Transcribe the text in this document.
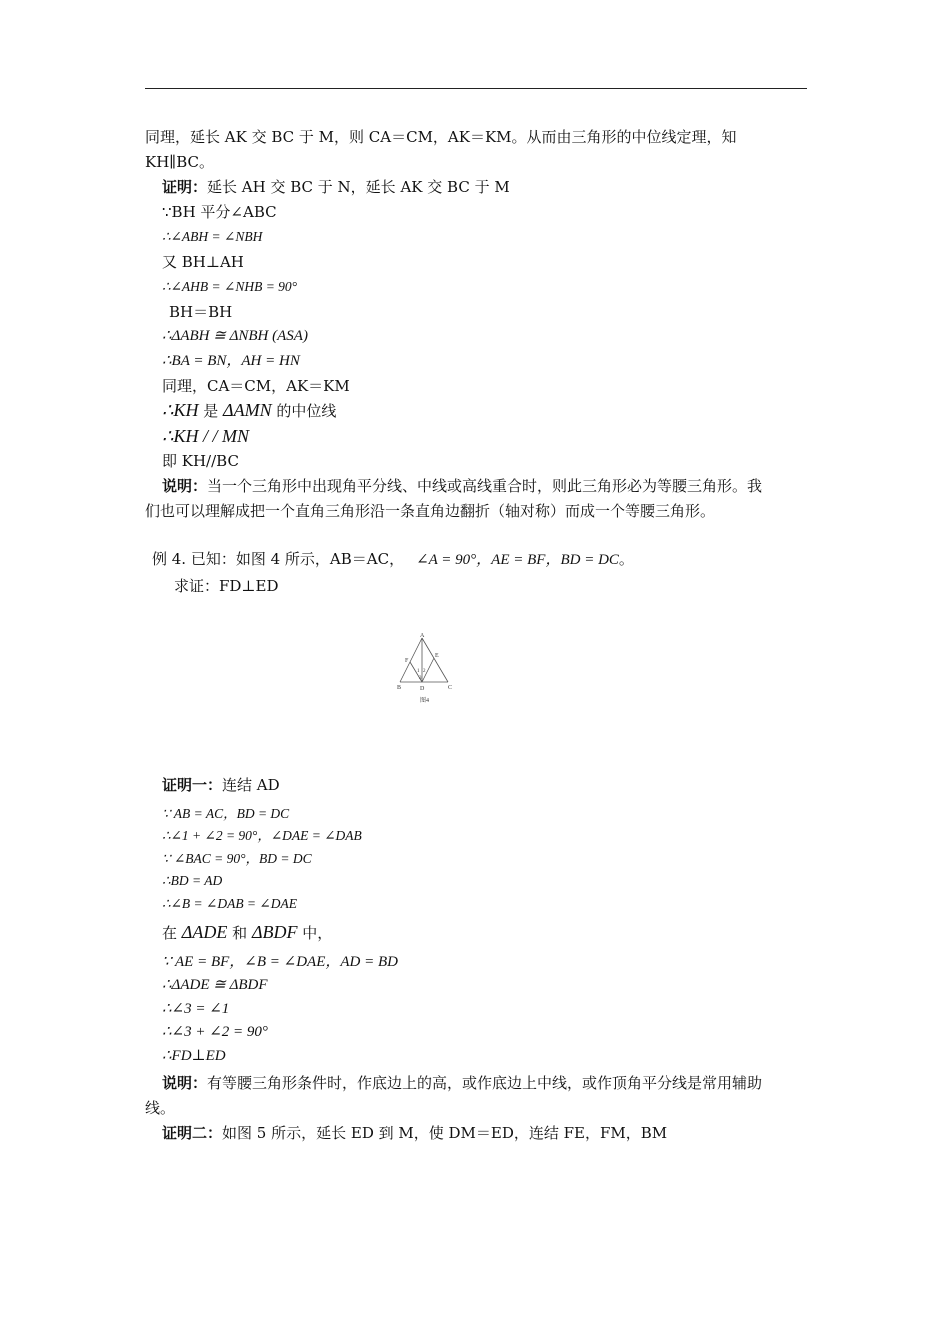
同理，延长 AK 交 BC 于 M，则 CA＝CM，AK＝KM。从而由三角形的中位线定理，知
KH∥BC。
证明：延长 AH 交 BC 于 N，延长 AK 交 BC 于 M
∵BH 平分∠ABC
∴∠ABH = ∠NBH
又 BH⊥AH
∴∠AHB = ∠NHB = 90°
BH＝BH
∴ΔABH ≅ ΔNBH (ASA)
∴BA = BN，AH = HN
同理，CA＝CM，AK＝KM
∴KH 是 ΔAMN 的中位线
∴KH / / MN
即 KH//BC
说明：当一个三角形中出现角平分线、中线或高线重合时，则此三角形必为等腰三角形。我
们也可以理解成把一个直角三角形沿一条直角边翻折（轴对称）而成一个等腰三角形。
例 4. 已知：如图 4 所示，AB＝AC， ∠A = 90°，AE = BF，BD = DC。
求证：FD⊥ED
A
B	C
D
E
F
1 2
3
图4
证明一：连结 AD
∵ AB = AC，BD = DC
∴∠1 + ∠2 = 90°，∠DAE = ∠DAB
∵ ∠BAC = 90°，BD = DC
∴BD = AD
∴∠B = ∠DAB = ∠DAE
在 ΔADE 和 ΔBDF 中，
∵ AE = BF，∠B = ∠DAE，AD = BD
∴ΔADE ≅ ΔBDF
∴∠3 = ∠1
∴∠3 + ∠2 = 90°
∴FD⊥ED
说明：有等腰三角形条件时，作底边上的高，或作底边上中线，或作顶角平分线是常用辅助
线。
证明二：如图 5 所示，延长 ED 到 M，使 DM＝ED，连结 FE，FM，BM
